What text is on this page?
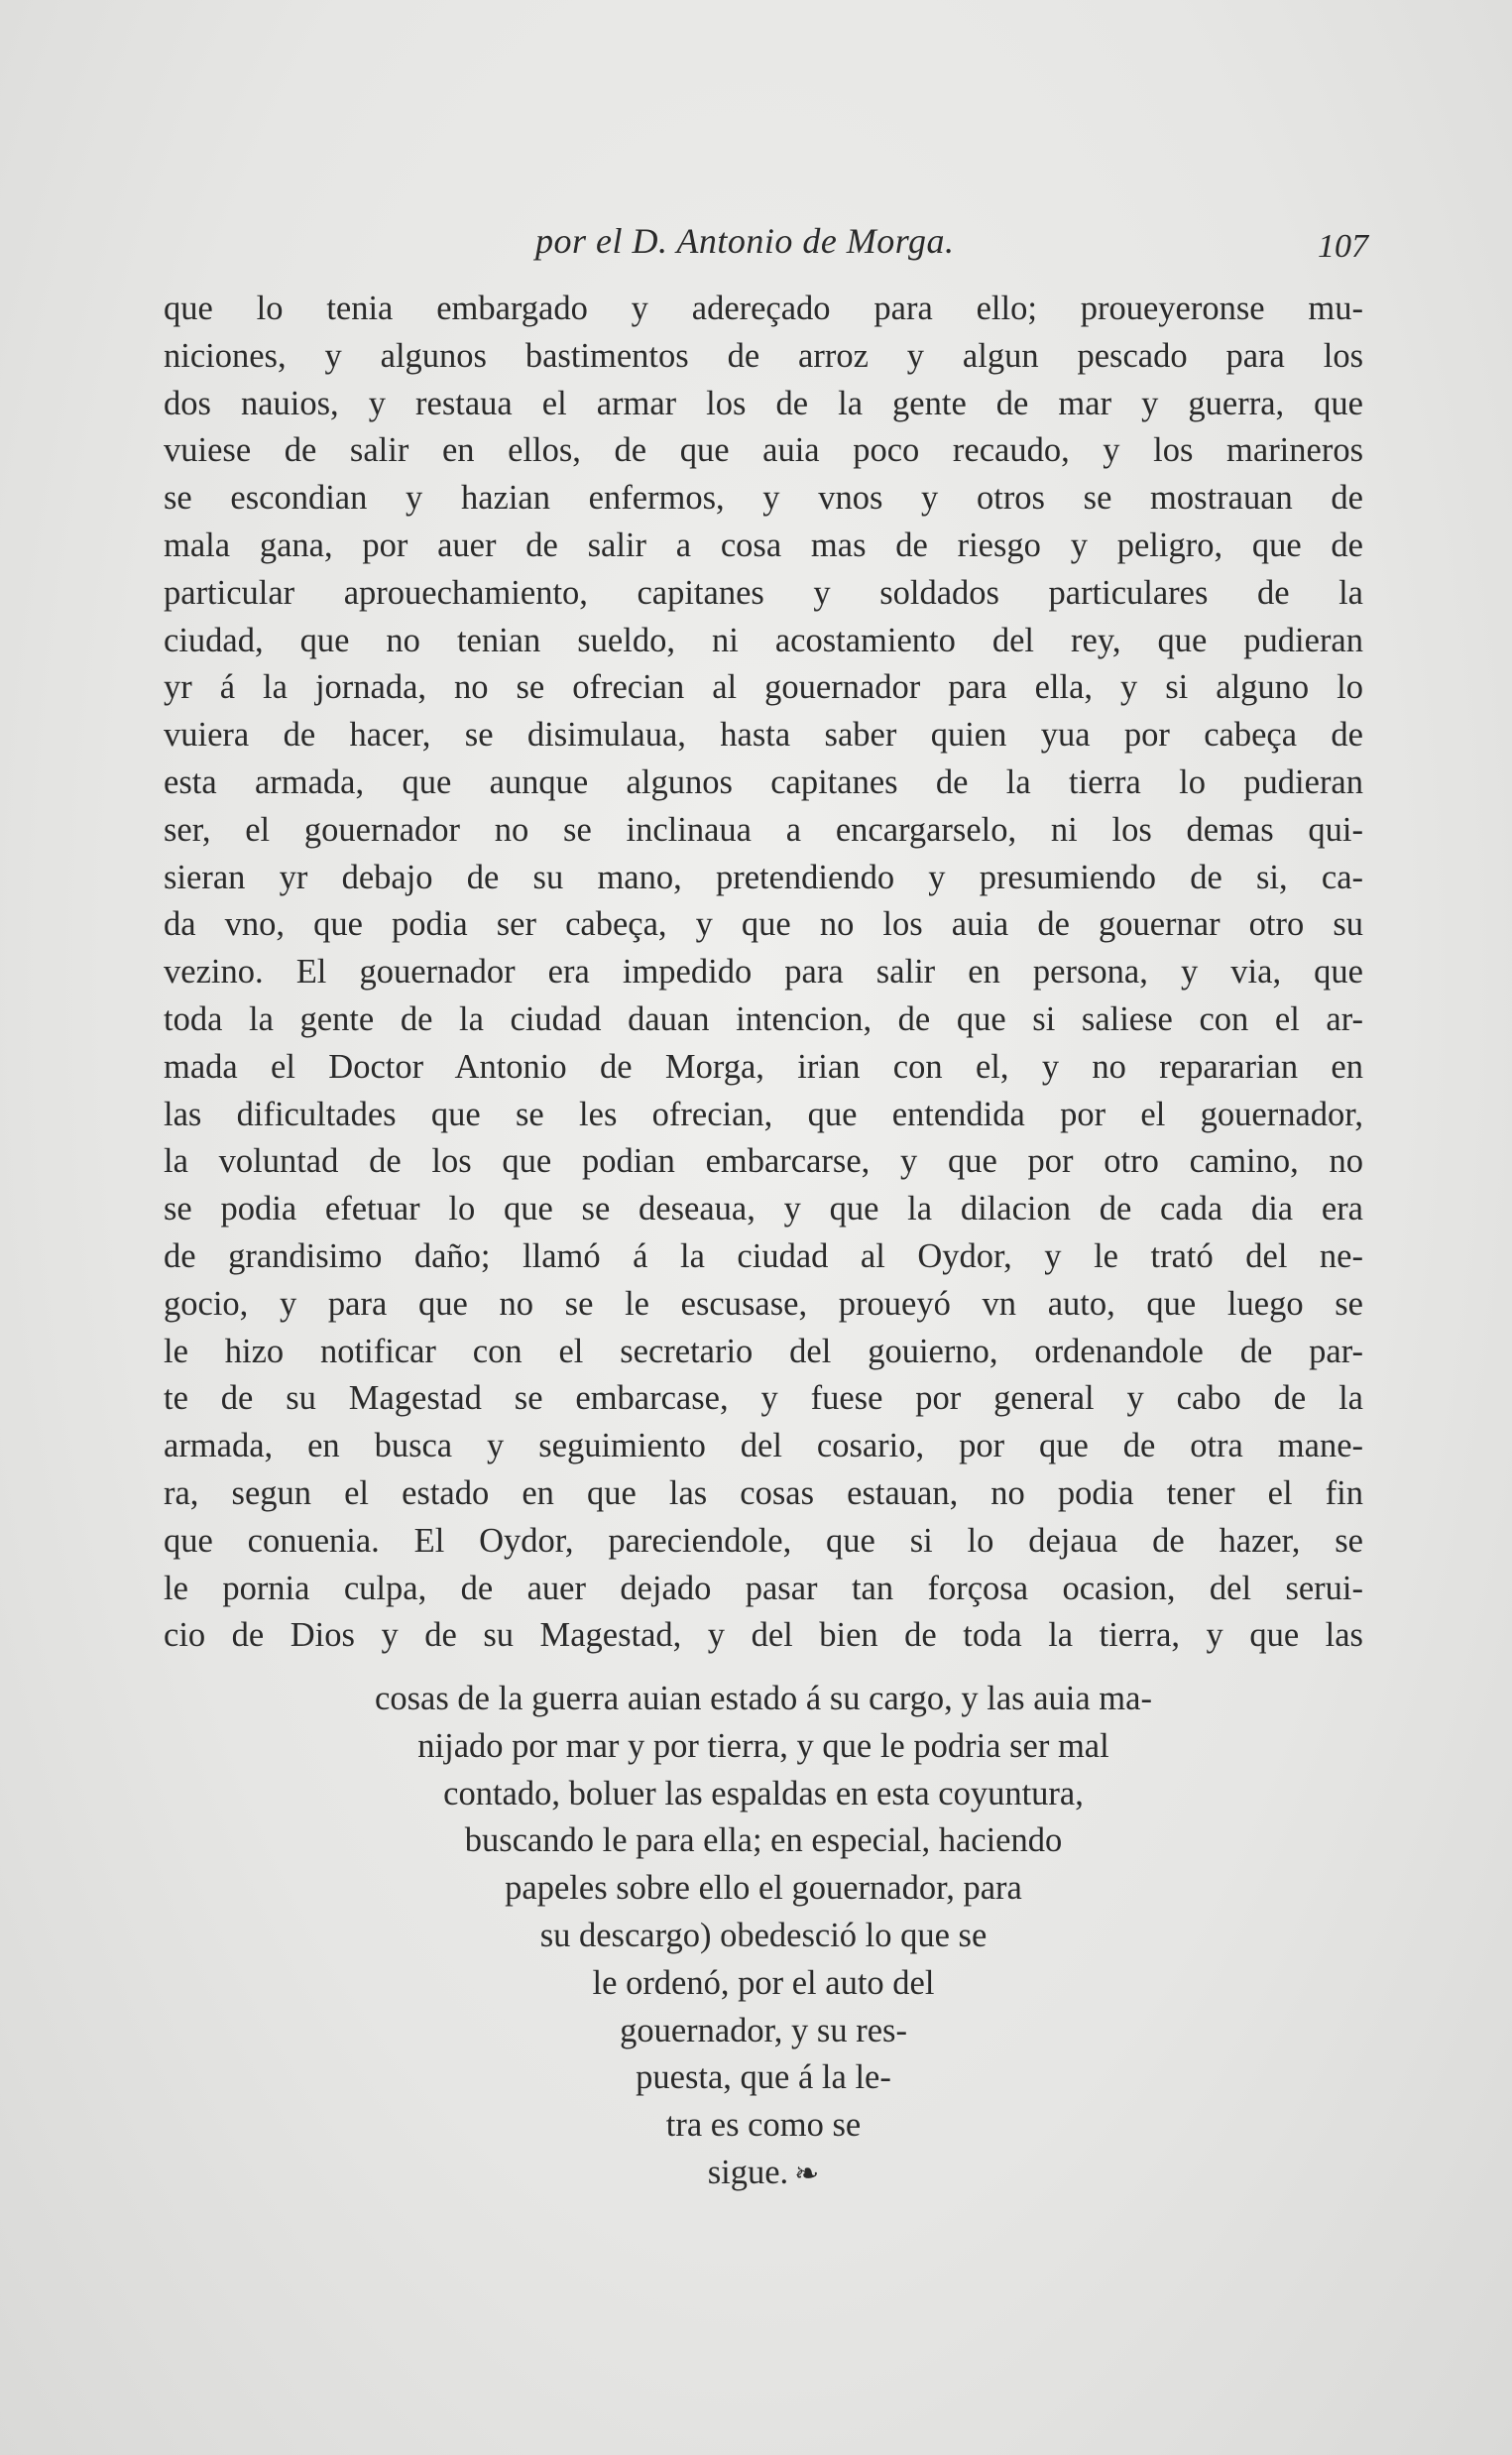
por el D. Antonio de Morga.	107
que lo tenia embargado y adereçado para ello; proueyeronse mu-
niciones, y algunos bastimentos de arroz y algun pescado para los
dos nauios, y restaua el armar los de la gente de mar y guerra, que
vuiese de salir en ellos, de que auia poco recaudo, y los marineros
se escondian y hazian enfermos, y vnos y otros se mostrauan de
mala gana, por auer de salir a cosa mas de riesgo y peligro, que de
particular aprouechamiento, capitanes y soldados particulares de la
ciudad, que no tenian sueldo, ni acostamiento del rey, que pudieran
yr á la jornada, no se ofrecian al gouernador para ella, y si alguno lo
vuiera de hacer, se disimulaua, hasta saber quien yua por cabeça de
esta armada, que aunque algunos capitanes de la tierra lo pudieran
ser, el gouernador no se inclinaua a encargarselo, ni los demas qui-
sieran yr debajo de su mano, pretendiendo y presumiendo de si, ca-
da vno, que podia ser cabeça, y que no los auia de gouernar otro su
vezino. El gouernador era impedido para salir en persona, y via, que
toda la gente de la ciudad dauan intencion, de que si saliese con el ar-
mada el Doctor Antonio de Morga, irian con el, y no repararian en
las dificultades que se les ofrecian, que entendida por el gouernador,
la voluntad de los que podian embarcarse, y que por otro camino, no
se podia efetuar lo que se deseaua, y que la dilacion de cada dia era
de grandisimo daño; llamó á la ciudad al Oydor, y le trató del ne-
gocio, y para que no se le escusase, proueyó vn auto, que luego se
le hizo notificar con el secretario del gouierno, ordenandole de par-
te de su Magestad se embarcase, y fuese por general y cabo de la
armada, en busca y seguimiento del cosario, por que de otra mane-
ra, segun el estado en que las cosas estauan, no podia tener el fin
que conuenia. El Oydor, pareciendole, que si lo dejaua de hazer, se
le pornia culpa, de auer dejado pasar tan forçosa ocasion, del serui-
cio de Dios y de su Magestad, y del bien de toda la tierra, y que las
cosas de la guerra auian estado á su cargo, y las auia ma-
nijado por mar y por tierra, y que le podria ser mal
contado, boluer las espaldas en esta coyuntura,
buscando le para ella; en especial, haciendo
papeles sobre ello el gouernador, para
su descargo) obedesció lo que se
le ordenó, por el auto del
gouernador, y su res-
puesta, que á la le-
tra es como se
sigue. ❧
